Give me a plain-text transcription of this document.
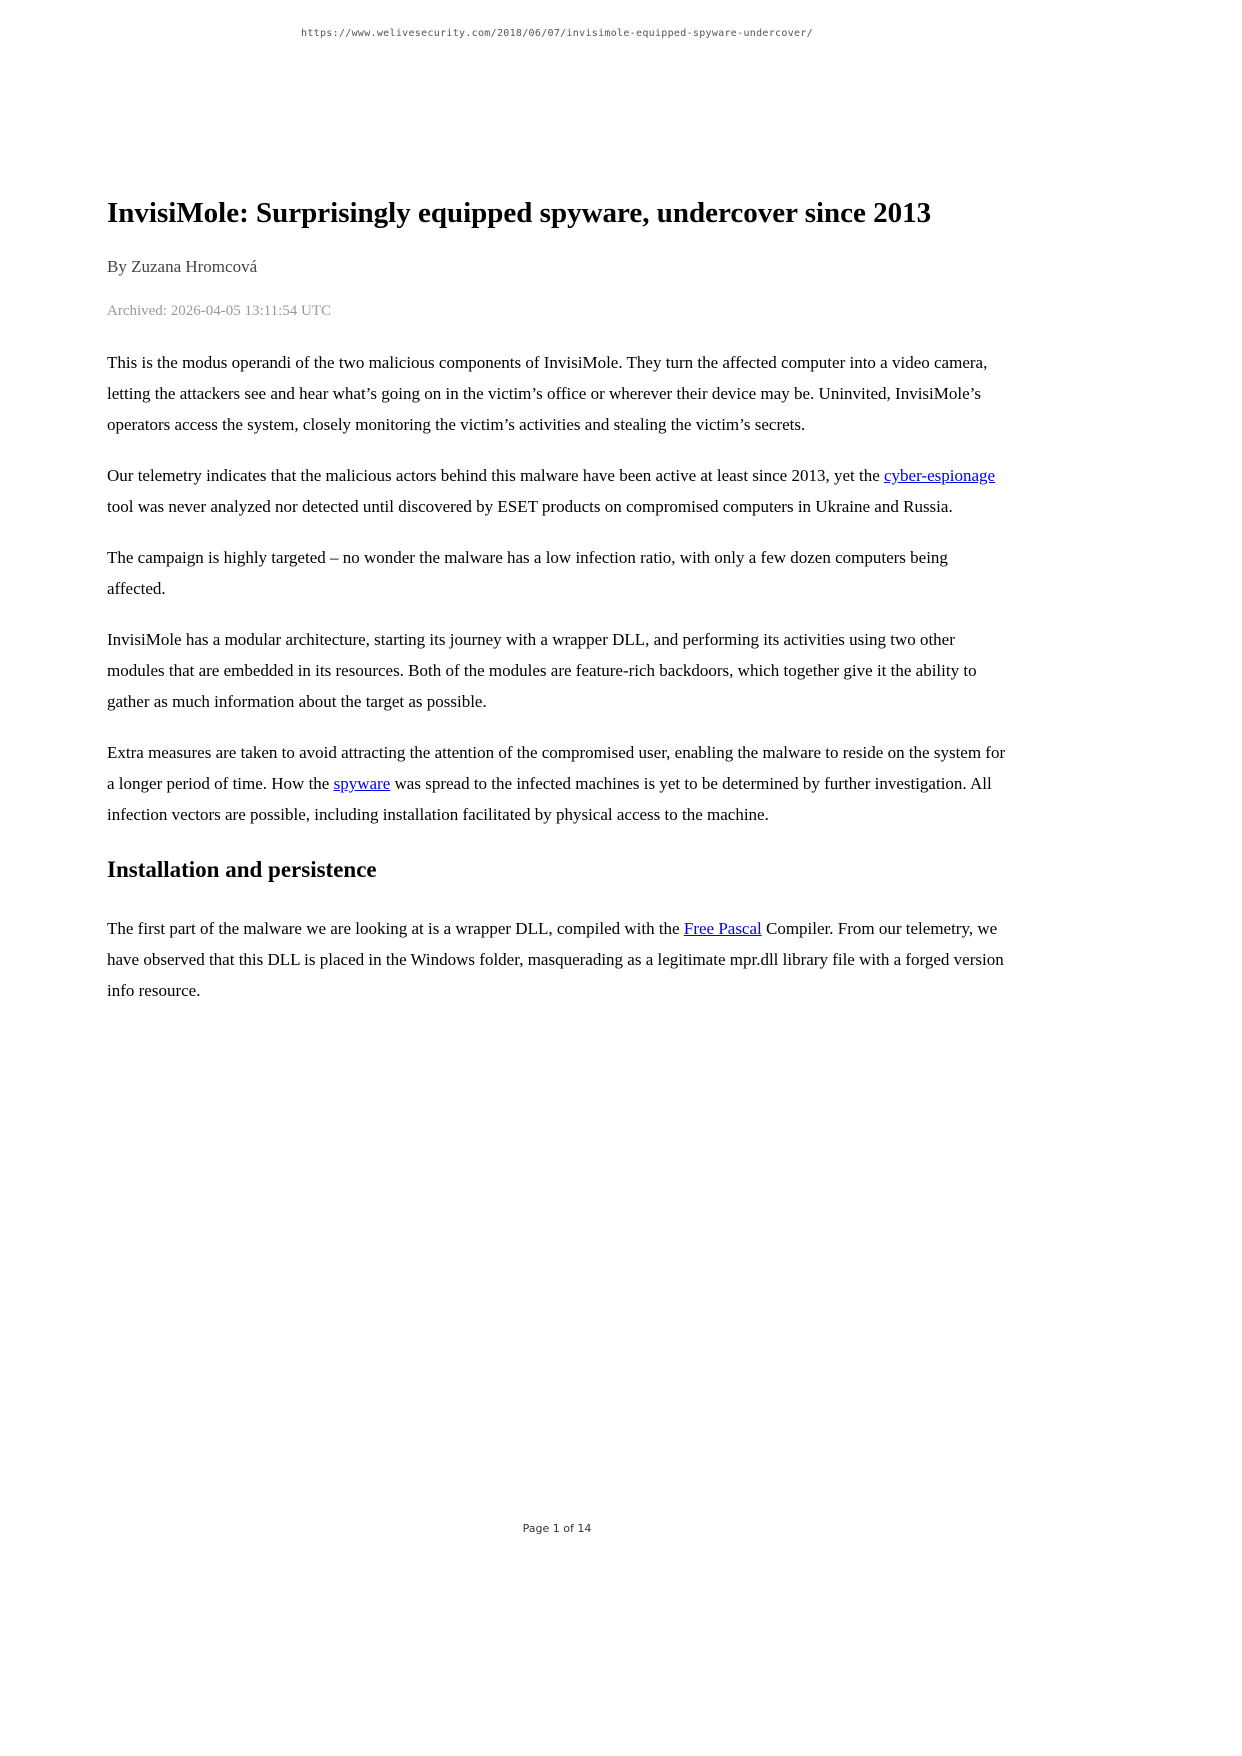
https://www.welivesecurity.com/2018/06/07/invisimole-equipped-spyware-undercover/
InvisiMole: Surprisingly equipped spyware, undercover since 2013

By Zuzana Hromcová

Archived: 2026-04-05 13:11:54 UTC

This is the modus operandi of the two malicious components of InvisiMole. They turn the affected computer into a video camera, letting the attackers see and hear what’s going on in the victim’s office or wherever their device may be. Uninvited, InvisiMole’s operators access the system, closely monitoring the victim’s activities and stealing the victim’s secrets.

Our telemetry indicates that the malicious actors behind this malware have been active at least since 2013, yet the cyber-espionage tool was never analyzed nor detected until discovered by ESET products on compromised computers in Ukraine and Russia.

The campaign is highly targeted – no wonder the malware has a low infection ratio, with only a few dozen computers being affected.

InvisiMole has a modular architecture, starting its journey with a wrapper DLL, and performing its activities using two other modules that are embedded in its resources. Both of the modules are feature-rich backdoors, which together give it the ability to gather as much information about the target as possible.

Extra measures are taken to avoid attracting the attention of the compromised user, enabling the malware to reside on the system for a longer period of time. How the spyware was spread to the infected machines is yet to be determined by further investigation. All infection vectors are possible, including installation facilitated by physical access to the machine.

Installation and persistence

The first part of the malware we are looking at is a wrapper DLL, compiled with the Free Pascal Compiler. From our telemetry, we have observed that this DLL is placed in the Windows folder, masquerading as a legitimate mpr.dll library file with a forged version info resource.

Page 1 of 14
